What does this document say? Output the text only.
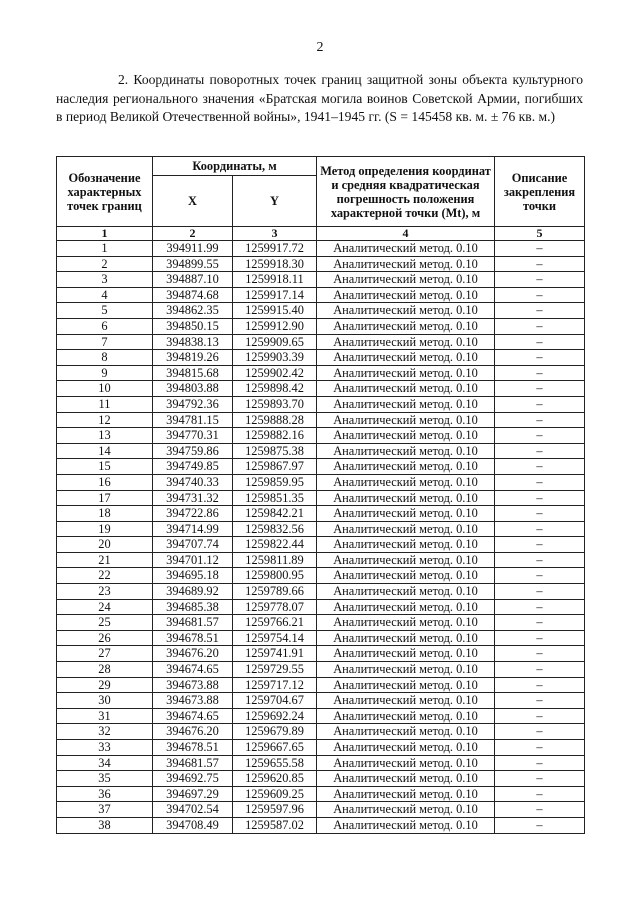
2
2. Координаты поворотных точек границ защитной зоны объекта культурного наследия регионального значения «Братская могила воинов Советской Армии, погибших в период Великой Отечественной войны», 1941–1945 гг. (S = 145458 кв. м. ± 76 кв. м.)
Обозначение характерных точек границ	Координаты, м		Метод определения координат и средняя квадратическая погрешность положения характерной точки (Mt), м	Описание закрепления точки
	X	Y		
1	2	3	4	5
1	394911.99	1259917.72	Аналитический метод. 0.10	–
2	394899.55	1259918.30	Аналитический метод. 0.10	–
3	394887.10	1259918.11	Аналитический метод. 0.10	–
4	394874.68	1259917.14	Аналитический метод. 0.10	–
5	394862.35	1259915.40	Аналитический метод. 0.10	–
6	394850.15	1259912.90	Аналитический метод. 0.10	–
7	394838.13	1259909.65	Аналитический метод. 0.10	–
8	394819.26	1259903.39	Аналитический метод. 0.10	–
9	394815.68	1259902.42	Аналитический метод. 0.10	–
10	394803.88	1259898.42	Аналитический метод. 0.10	–
11	394792.36	1259893.70	Аналитический метод. 0.10	–
12	394781.15	1259888.28	Аналитический метод. 0.10	–
13	394770.31	1259882.16	Аналитический метод. 0.10	–
14	394759.86	1259875.38	Аналитический метод. 0.10	–
15	394749.85	1259867.97	Аналитический метод. 0.10	–
16	394740.33	1259859.95	Аналитический метод. 0.10	–
17	394731.32	1259851.35	Аналитический метод. 0.10	–
18	394722.86	1259842.21	Аналитический метод. 0.10	–
19	394714.99	1259832.56	Аналитический метод. 0.10	–
20	394707.74	1259822.44	Аналитический метод. 0.10	–
21	394701.12	1259811.89	Аналитический метод. 0.10	–
22	394695.18	1259800.95	Аналитический метод. 0.10	–
23	394689.92	1259789.66	Аналитический метод. 0.10	–
24	394685.38	1259778.07	Аналитический метод. 0.10	–
25	394681.57	1259766.21	Аналитический метод. 0.10	–
26	394678.51	1259754.14	Аналитический метод. 0.10	–
27	394676.20	1259741.91	Аналитический метод. 0.10	–
28	394674.65	1259729.55	Аналитический метод. 0.10	–
29	394673.88	1259717.12	Аналитический метод. 0.10	–
30	394673.88	1259704.67	Аналитический метод. 0.10	–
31	394674.65	1259692.24	Аналитический метод. 0.10	–
32	394676.20	1259679.89	Аналитический метод. 0.10	–
33	394678.51	1259667.65	Аналитический метод. 0.10	–
34	394681.57	1259655.58	Аналитический метод. 0.10	–
35	394692.75	1259620.85	Аналитический метод. 0.10	–
36	394697.29	1259609.25	Аналитический метод. 0.10	–
37	394702.54	1259597.96	Аналитический метод. 0.10	–
38	394708.49	1259587.02	Аналитический метод. 0.10	–
